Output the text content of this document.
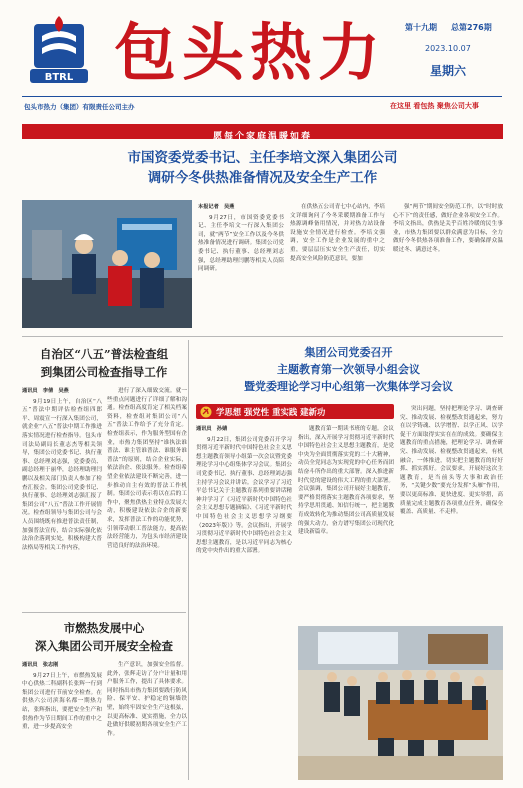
BTRL 包头热力 第十九期 总第276期
2023.10.07
星期六
包头市热力（集团）有限责任公司主办	在这里 看包热 聚焦公司大事
愿每个家庭温暖如春
市国资委党委书记、主任李培文深入集团公司
调研今冬供热准备情况及安全生产工作
本报记者　吴燕

9月27日，市国资委党委书记、主任李培文一行深入集团公司，就“两节”安全工作以及今冬供热准备情况进行调研。集团公司党委书记、执行董事、总经理刘志强，总经理助理闫鹏等相关人员陪同调研。

在供热五公司青七中心站内，李培文详细询问了今冬采暖期准备工作与热源调峰备用情况，并对热力站设备设施安全情况进行检查。李培文强调，安全工作是企业发展的重中之重，要层层压实安全生产责任，切实提高安全风险防范意识，要加

强“两节”期间安全防范工作，以“时时放心不下”的责任感，做好企业各项安全工作。李培文指出，供热是关乎百姓冷暖的民生事业，市热力集团要以群众满意为目标，全力做好今冬供热各项准备工作，要确保群众温暖过冬、满意过冬。

自治区“八五”普法检查组
到集团公司检查指导工作
通讯员　李倩　吴燕

9月19日上午，自治区“八五”普法中期评估检查组四郎平、周震宣一行深入集团公司，就企业“八五”普法中期工作推进落实情况进行检查指导。包头市司法局副局长董志杰等相关领导，集团公司党委书记、执行董事、总经理刘志强，党委委员、副总经理于丽华，总经理助理闫鹏以及相关部门负责人参加了检查汇报会。集团公司党委书记、执行董事、总经理刘志强汇报了集团公司“八五”普法工作开展情况。检查组领导与集团公司与会人员围绕既有推进普法责任制，加强普法宣传，结合实际强化依法治企落到实处，积极构建大普法格局等相关工作内容，

进行了深入细致交流。就一些重点问题进行了详细了解和沟通。检查组高度肯定了相关档案资料，检查组对集团公司“八五”普法工作给予了充分肯定。检查组表示，作为服务型国有企业，市热力集团坚持“谁执法谁普法、谁主管谁普法、谁服务谁普法”的原则，结合企业实际，依法治企、依法服务。检查组希望企业依法建设不断完善，进一步推动自主有效的普法工作机制。集团公司表示将以在后的工作中，聚焦供热主业特点发展大动，积极建设依法合企的新要求，发挥普法工作的功能优势，引领带动职工普法能力，提高依法经营能力，为包头市经济建设营造良好的法治环境。

市燃热发展中心
深入集团公司开展安全检查
通讯员　张志刚

9月27日上午，市燃热发展中心供热二科副科长张辉一行到集团公司进行节前安全检查。在供热六公司滨海名都一期热力站，张辉指出，要把安全生产和供热作为节日期间工作的重中之重，进一步提高安全

生产意识，加强安全监督。此外，张辉走访了分户计量和用户服务工作，提出了具体要求。同时指出市热力集团要践行防风险、保平安、护稳定的铜墙铁壁，始终牢固安全生产这根弦，以更高标准、更实措施，全力以赴做好供暖初期各项安全生产工作。

集团公司党委召开
主题教育第一次领导小组会议
暨党委理论学习中心组第一次集体学习会议
学思想 强党性 重实践 建新功
通讯员　孙婧

9月22日，集团公司党委召开学习贯彻习近平新时代中国特色社会主义思想主题教育领导小组第一次会议暨党委理论学习中心组集体学习会议。集团公司党委书记、执行董事、总经理刘志强主持学习会议并讲话。会议学习了习近平总书记关于主题教育系列重要讲话精神并学习了《习近平新时代中国特色社会主义思想专题摘编》、《习近平新时代中国特色社会主义思想学习纲要（2023年版）》等。会议指出，开展学习贯彻习近平新时代中国特色社会主义思想主题教育，是以习近平同志为核心的党中央作出的重大部署。

题教育第一期读书班的专题。会议指出，深入开展学习贯彻习近平新时代中国特色社会主义思想主题教育，是党中央为全面贯彻落实党的二十大精神，动员全党同志为实现党的中心任务而团结奋斗所作出的重大部署。深入推进新时代党的建设的伟大工程的重大部署。会议强调，集团公司开展好主题教育，要严格贯彻落实主题教育各项要求，坚持学思用贯通、知信行统一，把主题教育成效转化为推动集团公司高质量发展的强大动力，奋力谱写集团公司现代化建设新篇章。

突出问题，坚持把理论学习、调查研究、推动发展、检视整改贯通起来，努力在以学铸魂、以学增智、以学正风、以学促干方面取得实实在在的成效。要确保主题教育的重点措施，把理论学习、调查研究、推动发展、检视整改贯通起来，有机融合，一体推进，切实把主题教育的好好抓、抓实抓好。会议要求，开展好这次主题教育，是当前头等大事和政治任务，“关键少数”要充分发挥“头雁”作用，要以更高标准、更快进度、更实举措，高质量完成主题教育各项重点任务，确保全覆盖、高质量、不走样。
